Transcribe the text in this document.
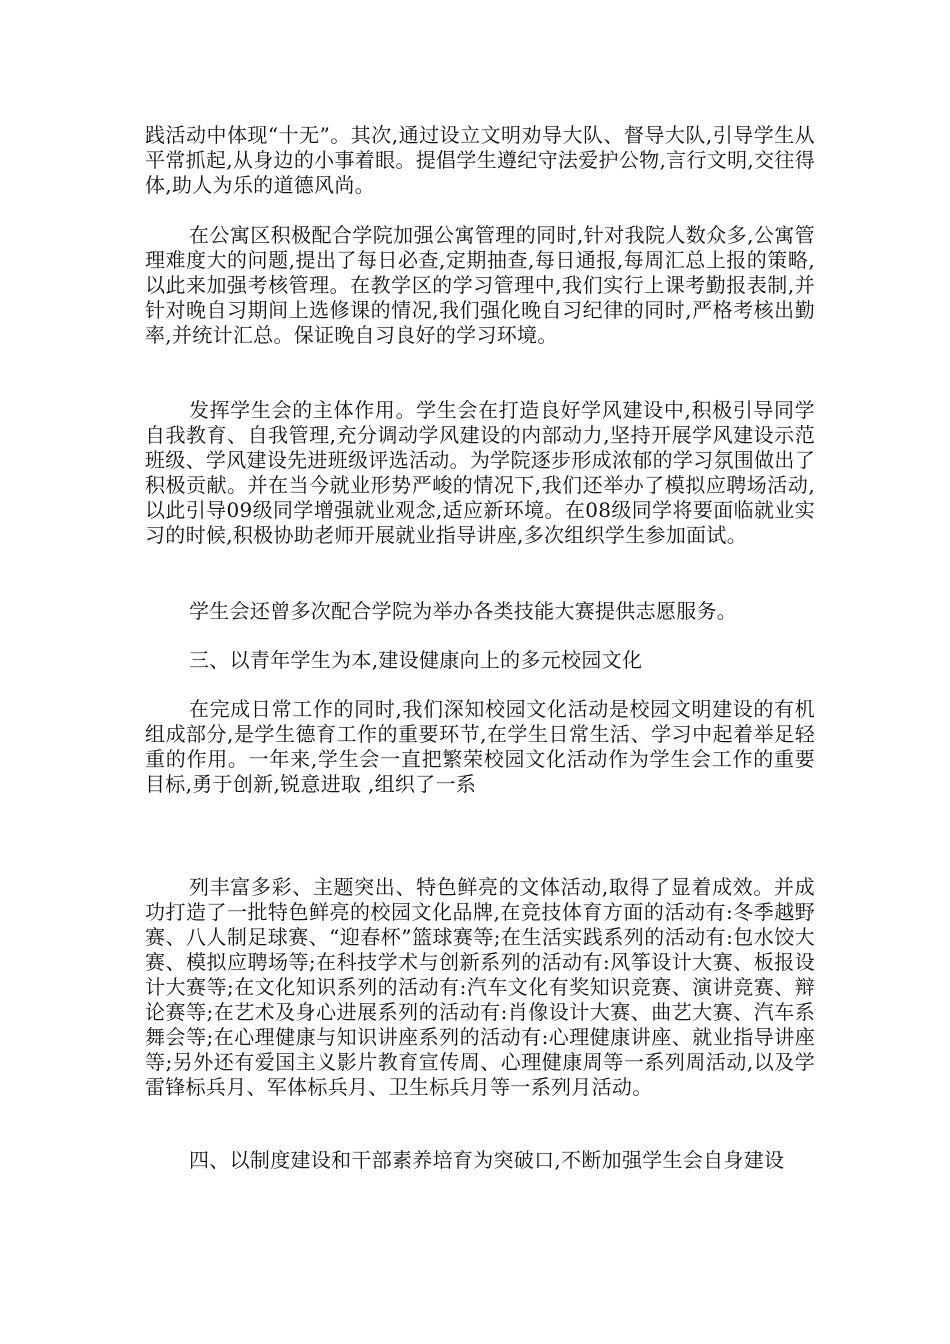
践活动中体现“十无”。其次,通过设立文明劝导大队、督导大队,引导学生从平常抓起,从身边的小事着眼。提倡学生遵纪守法爱护公物,言行文明,交往得体,助人为乐的道德风尚。

在公寓区积极配合学院加强公寓管理的同时,针对我院人数众多,公寓管理难度大的问题,提出了每日必查,定期抽查,每日通报,每周汇总上报的策略,以此来加强考核管理。在教学区的学习管理中,我们实行上课考勤报表制,并针对晚自习期间上选修课的情况,我们强化晚自习纪律的同时,严格考核出勤率,并统计汇总。保证晚自习良好的学习环境。

发挥学生会的主体作用。学生会在打造良好学风建设中,积极引导同学自我教育、自我管理,充分调动学风建设的内部动力,坚持开展学风建设示范班级、学风建设先进班级评选活动。为学院逐步形成浓郁的学习氛围做出了积极贡献。并在当今就业形势严峻的情况下,我们还举办了模拟应聘场活动,以此引导09级同学增强就业观念,适应新环境。在08级同学将要面临就业实习的时候,积极协助老师开展就业指导讲座,多次组织学生参加面试。

学生会还曾多次配合学院为举办各类技能大赛提供志愿服务。

三、以青年学生为本,建设健康向上的多元校园文化

在完成日常工作的同时,我们深知校园文化活动是校园文明建设的有机组成部分,是学生德育工作的重要环节,在学生日常生活、学习中起着举足轻重的作用。一年来,学生会一直把繁荣校园文化活动作为学生会工作的重要目标,勇于创新,锐意进取 ,组织了一系

列丰富多彩、主题突出、特色鲜亮的文体活动,取得了显着成效。并成功打造了一批特色鲜亮的校园文化品牌,在竞技体育方面的活动有:冬季越野赛、八人制足球赛、“迎春杯”篮球赛等;在生活实践系列的活动有:包水饺大赛、模拟应聘场等;在科技学术与创新系列的活动有:风筝设计大赛、板报设计大赛等;在文化知识系列的活动有:汽车文化有奖知识竞赛、演讲竞赛、辩论赛等;在艺术及身心进展系列的活动有:肖像设计大赛、曲艺大赛、汽车系舞会等;在心理健康与知识讲座系列的活动有:心理健康讲座、就业指导讲座等;另外还有爱国主义影片教育宣传周、心理健康周等一系列周活动,以及学雷锋标兵月、军体标兵月、卫生标兵月等一系列月活动。

四、以制度建设和干部素养培育为突破口,不断加强学生会自身建设
